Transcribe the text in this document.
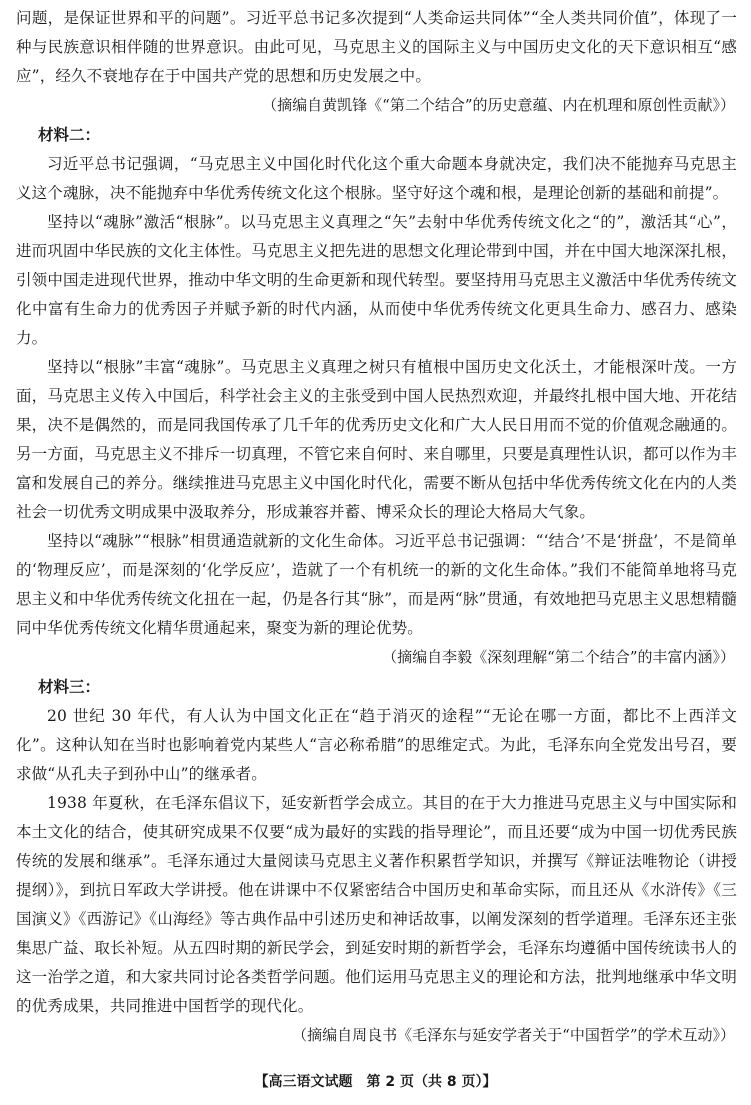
问题，是保证世界和平的问题”。习近平总书记多次提到“人类命运共同体”“全人类共同价值”，体现了一种与民族意识相伴随的世界意识。由此可见，马克思主义的国际主义与中国历史文化的天下意识相互“感应”，经久不衰地存在于中国共产党的思想和历史发展之中。

（摘编自黄凯锋《“第二个结合”的历史意蕴、内在机理和原创性贡献》）
材料二：

习近平总书记强调，“马克思主义中国化时代化这个重大命题本身就决定，我们决不能抛弃马克思主义这个魂脉，决不能抛弃中华优秀传统文化这个根脉。坚守好这个魂和根，是理论创新的基础和前提”。

坚持以“魂脉”激活“根脉”。以马克思主义真理之“矢”去射中华优秀传统文化之“的”，激活其“心”，进而巩固中华民族的文化主体性。马克思主义把先进的思想文化理论带到中国，并在中国大地深深扎根，引领中国走进现代世界，推动中华文明的生命更新和现代转型。要坚持用马克思主义激活中华优秀传统文化中富有生命力的优秀因子并赋予新的时代内涵，从而使中华优秀传统文化更具生命力、感召力、感染力。

坚持以“根脉”丰富“魂脉”。马克思主义真理之树只有植根中国历史文化沃土，才能根深叶茂。一方面，马克思主义传入中国后，科学社会主义的主张受到中国人民热烈欢迎，并最终扎根中国大地、开花结果，决不是偶然的，而是同我国传承了几千年的优秀历史文化和广大人民日用而不觉的价值观念融通的。另一方面，马克思主义不排斥一切真理，不管它来自何时、来自哪里，只要是真理性认识，都可以作为丰富和发展自己的养分。继续推进马克思主义中国化时代化，需要不断从包括中华优秀传统文化在内的人类社会一切优秀文明成果中汲取养分，形成兼容并蓄、博采众长的理论大格局大气象。

坚持以“魂脉”“根脉”相贯通造就新的文化生命体。习近平总书记强调：“‘结合’不是‘拼盘’，不是简单的‘物理反应’，而是深刻的‘化学反应’，造就了一个有机统一的新的文化生命体。”我们不能简单地将马克思主义和中华优秀传统文化扭在一起，仍是各行其“脉”，而是两“脉”贯通，有效地把马克思主义思想精髓同中华优秀传统文化精华贯通起来，聚变为新的理论优势。

（摘编自李毅《深刻理解“第二个结合”的丰富内涵》）
材料三：

20 世纪 30 年代，有人认为中国文化正在“趋于消灭的途程”“无论在哪一方面，都比不上西洋文化”。这种认知在当时也影响着党内某些人“言必称希腊”的思维定式。为此，毛泽东向全党发出号召，要求做“从孔夫子到孙中山”的继承者。

1938 年夏秋，在毛泽东倡议下，延安新哲学会成立。其目的在于大力推进马克思主义与中国实际和本土文化的结合，使其研究成果不仅要“成为最好的实践的指导理论”，而且还要“成为中国一切优秀民族传统的发展和继承”。毛泽东通过大量阅读马克思主义著作积累哲学知识，并撰写《辩证法唯物论（讲授提纲）》，到抗日军政大学讲授。他在讲课中不仅紧密结合中国历史和革命实际，而且还从《水浒传》《三国演义》《西游记》《山海经》等古典作品中引述历史和神话故事，以阐发深刻的哲学道理。毛泽东还主张集思广益、取长补短。从五四时期的新民学会，到延安时期的新哲学会，毛泽东均遵循中国传统读书人的这一治学之道，和大家共同讨论各类哲学问题。他们运用马克思主义的理论和方法，批判地继承中华文明的优秀成果，共同推进中国哲学的现代化。

（摘编自周良书《毛泽东与延安学者关于“中国哲学”的学术互动》）
【高三语文试题　第 2 页（共 8 页）】
